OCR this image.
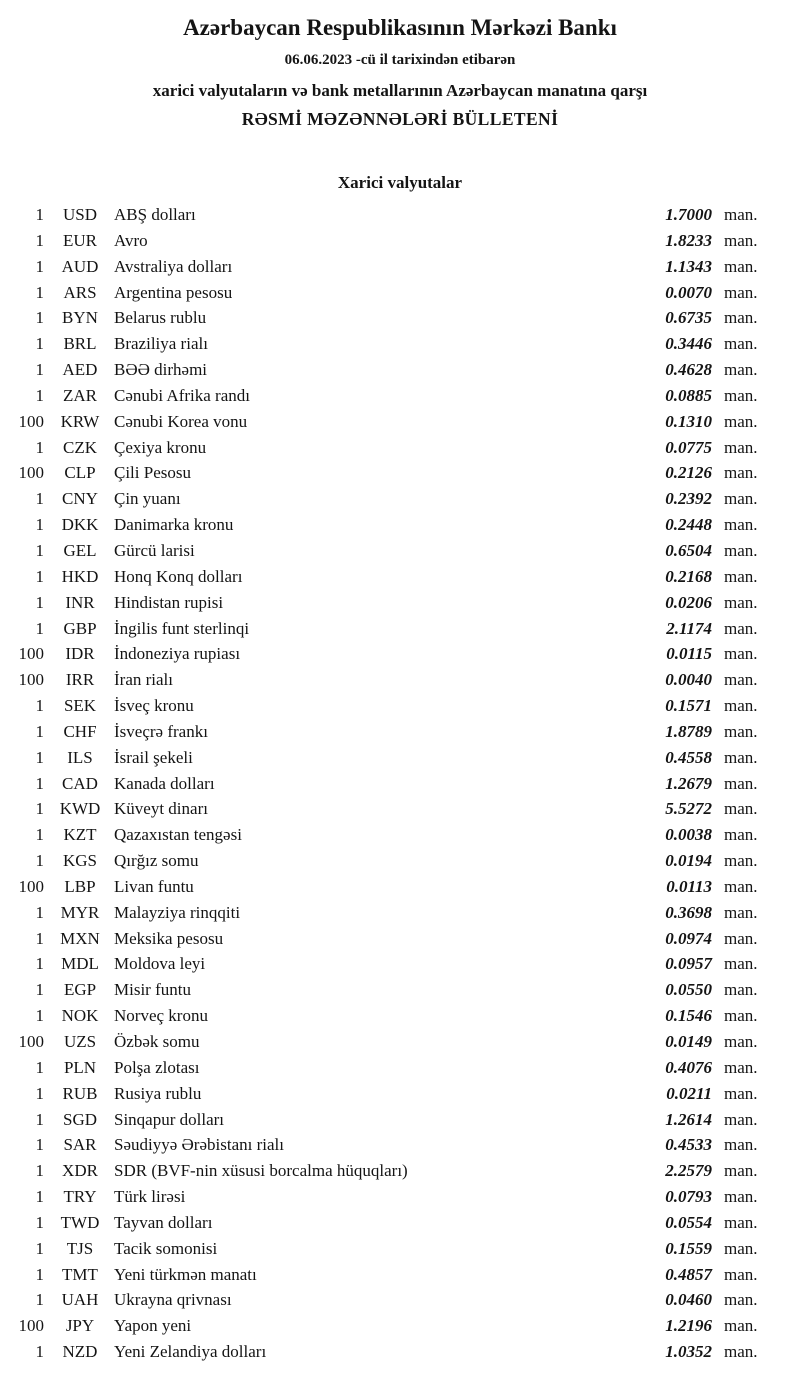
Azərbaycan Respublikasının Mərkəzi Bankı
06.06.2023 -cü il tarixindən etibarən
xarici valyutaların və bank metallarının Azərbaycan manatına qarşı
RƏSMİ MƏZƏNNƏLƏRİ BÜLLETENİ
Xarici valyutalar
1	USD	ABŞ dolları	1.7000 man.
1	EUR	Avro	1.8233 man.
1	AUD Avstraliya dolları	1.1343 man.
1	ARS	Argentina pesosu	0.0070 man.
1	BYN Belarus rublu	0.6735 man.
1	BRL	Braziliya rialı	0.3446 man.
1	AED BƏƏ dirhəmi	0.4628 man.
1	ZAR	Cənubi Afrika randı	0.0885 man.
100 KRW Cənubi Korea vonu	0.1310 man.
1	CZK	Çexiya kronu	0.0775 man.
100	CLP	Çili Pesosu	0.2126 man.
1	CNY Çin yuanı	0.2392 man.
1	DKK Danimarka kronu	0.2448 man.
1	GEL	Gürcü larisi	0.6504 man.
1	HKD Honq Konq dolları	0.2168 man.
1	INR	Hindistan rupisi	0.0206 man.
1	GBP	İngilis funt sterlinqi	2.1174 man.
100	IDR	İndoneziya rupiası	0.0115 man.
100	IRR	İran rialı	0.0040 man.
1	SEK	İsveç kronu	0.1571 man.
1	CHF	İsveçrə frankı	1.8789 man.
1	ILS	İsrail şekeli	0.4558 man.
1	CAD Kanada dolları	1.2679 man.
1 KWD Küveyt dinarı	5.5272 man.
1	KZT	Qazaxıstan tengəsi	0.0038 man.
1	KGS	Qırğız somu	0.0194 man.
100	LBP	Livan funtu	0.0113 man.
1 MYR Malayziya rinqqiti	0.3698 man.
1 MXN Meksika pesosu	0.0974 man.
1	MDL Moldova leyi	0.0957 man.
1	EGP	Misir funtu	0.0550 man.
1	NOK Norveç kronu	0.1546 man.
100	UZS	Özbək somu	0.0149 man.
1	PLN	Polşa zlotası	0.4076 man.
1	RUB Rusiya rublu	0.0211 man.
1	SGD	Sinqapur dolları	1.2614 man.
1	SAR	Səudiyyə Ərəbistanı rialı	0.4533 man.
1	XDR SDR (BVF-nin xüsusi borcalma hüquqları)	2.2579 man.
1	TRY	Türk lirəsi	0.0793 man.
1 TWD Tayvan dolları	0.0554 man.
1	TJS	Tacik somonisi	0.1559 man.
1	TMT Yeni türkmən manatı	0.4857 man.
1	UAH Ukrayna qrivnası	0.0460 man.
100	JPY	Yapon yeni	1.2196 man.
1	NZD Yeni Zelandiya dolları	1.0352 man.
